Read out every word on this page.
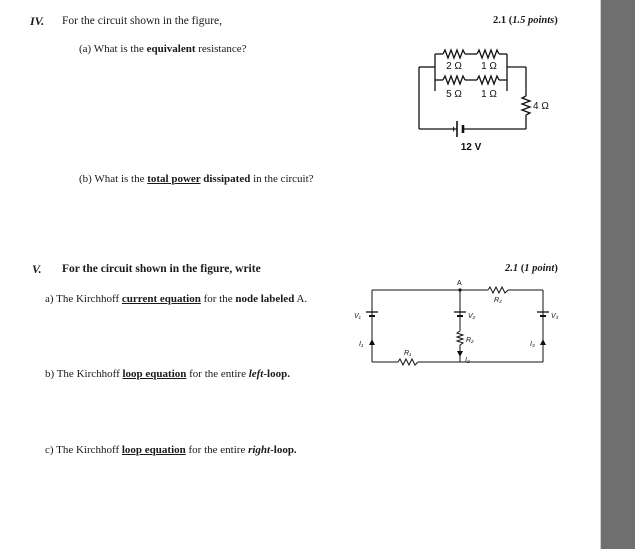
IV. For the circuit shown in the figure,	2.1 (1.5 points)
(a) What is the equivalent resistance?
(b) What is the total power dissipated in the circuit?
2 Ω 1 Ω
5 Ω 1 Ω
4 Ω
+
12 V
V. For the circuit shown in the figure, write	2.1 (1 point)
a) The Kirchhoff current equation for the node labeled A.
b) The Kirchhoff loop equation for the entire left-loop.
c) The Kirchhoff loop equation for the entire right-loop.
A
V₁	V₂	V₃
R₁
R₂
R₃
I₁
I₂
I₃
